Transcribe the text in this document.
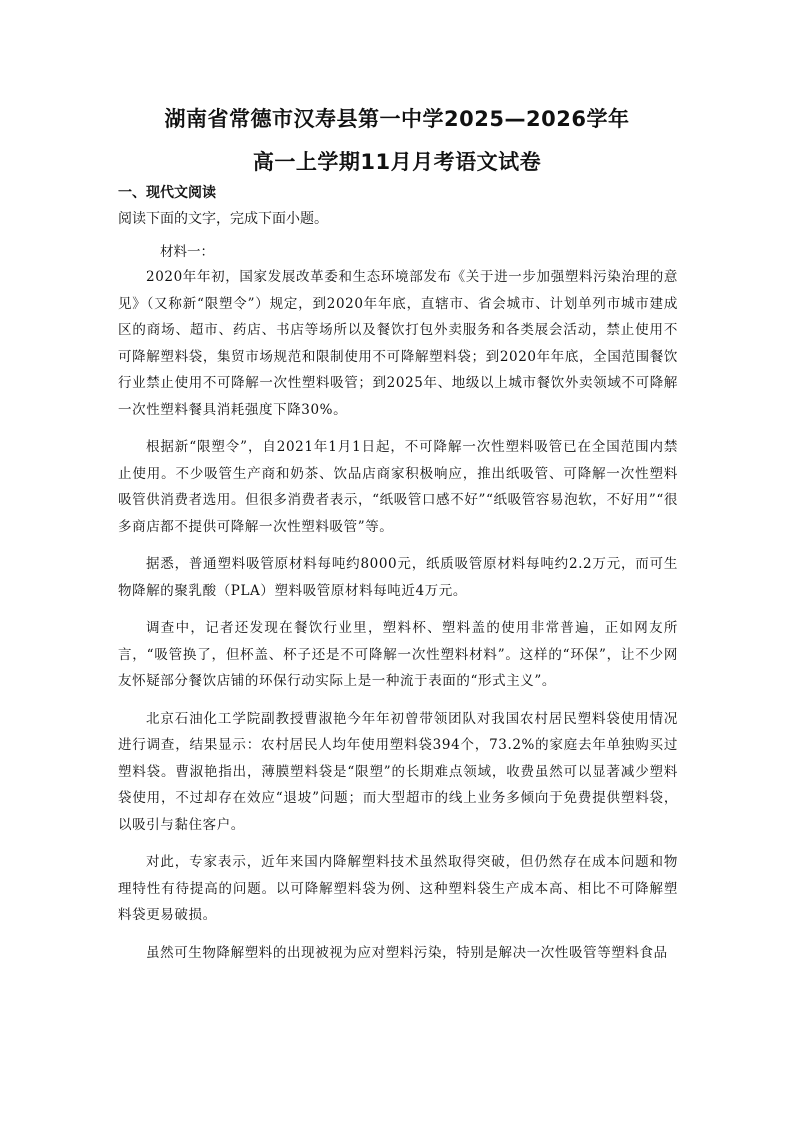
湖南省常德市汉寿县第一中学2025—2026学年
高一上学期11月月考语文试卷
一、现代文阅读
阅读下面的文字，完成下面小题。
材料一：

2020年年初，国家发展改革委和生态环境部发布《关于进一步加强塑料污染治理的意见》（又称新“限塑令”）规定，到2020年年底，直辖市、省会城市、计划单列市城市建成区的商场、超市、药店、书店等场所以及餐饮打包外卖服务和各类展会活动，禁止使用不可降解塑料袋，集贸市场规范和限制使用不可降解塑料袋；到2020年年底，全国范围餐饮行业禁止使用不可降解一次性塑料吸管；到2025年、地级以上城市餐饮外卖领域不可降解一次性塑料餐具消耗强度下降30%。

根据新“限塑令”，自2021年1月1日起，不可降解一次性塑料吸管已在全国范围内禁止使用。不少吸管生产商和奶茶、饮品店商家积极响应，推出纸吸管、可降解一次性塑料吸管供消费者选用。但很多消费者表示，“纸吸管口感不好”“纸吸管容易泡软，不好用”“很多商店都不提供可降解一次性塑料吸管”等。

据悉，普通塑料吸管原材料每吨约8000元，纸质吸管原材料每吨约2.2万元，而可生物降解的聚乳酸（PLA）塑料吸管原材料每吨近4万元。

调查中，记者还发现在餐饮行业里，塑料杯、塑料盖的使用非常普遍，正如网友所言，“吸管换了，但杯盖、杯子还是不可降解一次性塑料材料”。这样的“环保”，让不少网友怀疑部分餐饮店铺的环保行动实际上是一种流于表面的“形式主义”。

北京石油化工学院副教授曹淑艳今年年初曾带领团队对我国农村居民塑料袋使用情况进行调查，结果显示：农村居民人均年使用塑料袋394个，73.2%的家庭去年单独购买过塑料袋。曹淑艳指出，薄膜塑料袋是“限塑”的长期难点领域，收费虽然可以显著减少塑料袋使用，不过却存在效应“退坡”问题；而大型超市的线上业务多倾向于免费提供塑料袋，以吸引与黏住客户。

对此，专家表示，近年来国内降解塑料技术虽然取得突破，但仍然存在成本问题和物理特性有待提高的问题。以可降解塑料袋为例、这种塑料袋生产成本高、相比不可降解塑料袋更易破损。

虽然可生物降解塑料的出现被视为应对塑料污染，特别是解决一次性吸管等塑料食品
